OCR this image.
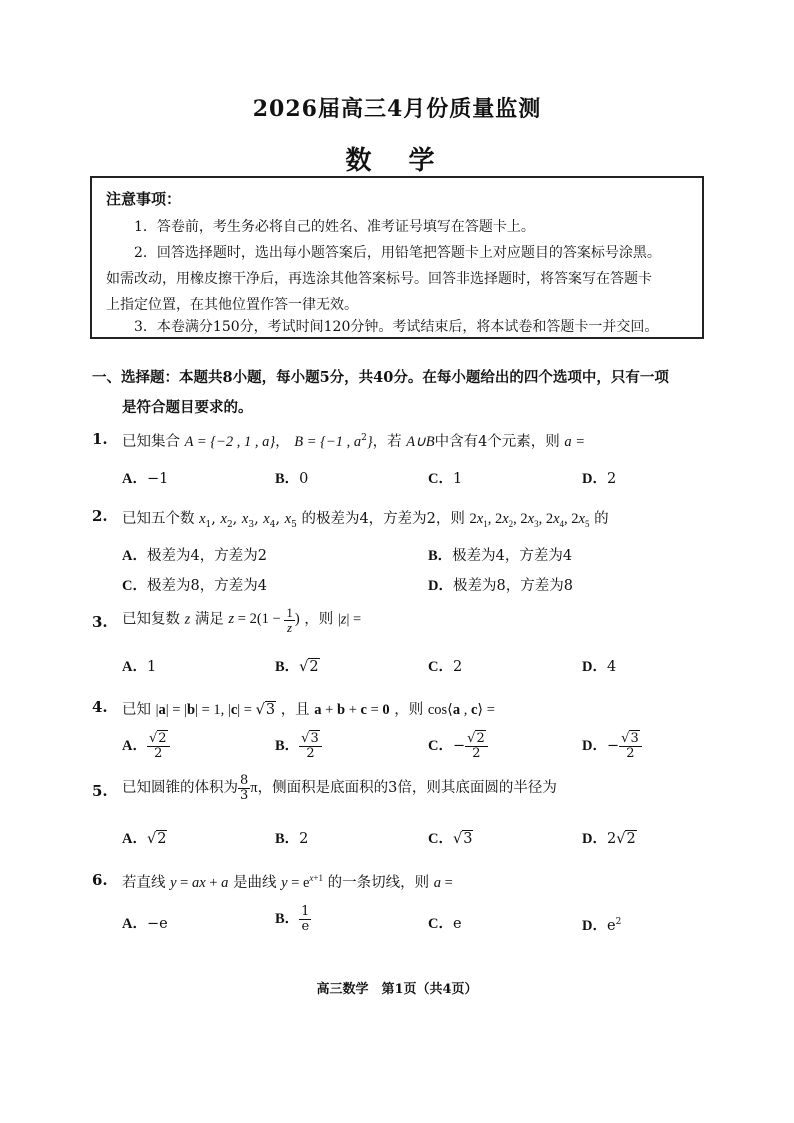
2026届高三4月份质量监测
数 学
注意事项：
1．答卷前，考生务必将自己的姓名、准考证号填写在答题卡上。
2．回答选择题时，选出每小题答案后，用铅笔把答题卡上对应题目的答案标号涂黑。
如需改动，用橡皮擦干净后，再选涂其他答案标号。回答非选择题时，将答案写在答题卡
上指定位置，在其他位置作答一律无效。
3．本卷满分150分，考试时间120分钟。考试结束后，将本试卷和答题卡一并交回。
一、选择题：本题共8小题，每小题5分，共40分。在每小题给出的四个选项中，只有一项
是符合题目要求的。
1. 已知集合 A = {−2 , 1 , a}， B = {−1 , $a^2$}，若 A∪B中含有4个元素，则 a =
A．−1	B．0	C．1	D．2
2. 已知五个数 $x_1$, $x_2$, $x_3$, $x_4$, $x_5$ 的极差为4，方差为2，则 $2x_1$, $2x_2$, $2x_3$, $2x_4$, $2x_5$ 的
A．极差为4，方差为2	B．极差为4，方差为4
C．极差为8，方差为4	D．极差为8，方差为8
3. 已知复数 z 满足 $z = 2(1 - \frac{1}{z}$ ) ，则 |z| =
A．1	B．√2	C．2	D．4
4. 已知 |a| = |b| = 1, |c| = √3 ，且 a + b + c = 0 ，则 cos⟨a , c⟩ =
A． $\frac{√2}{2}$	B． $\frac{√3}{2}$	C．− $\frac{√2}{2}$	D．− $\frac{√3}{2}$
5. 已知圆锥的体积为 $\frac{8}{3}$ π，侧面积是底面积的3倍，则其底面圆的半径为
A．√2	B．2	C．√3	D．2√2
6. 若直线 y = ax + a 是曲线 $y = e^{x+1}$ 的一条切线，则 a =
A．−e	B． $\frac{1}{e}$	C．e	D．$e^2$
高三数学　第1页（共4页）
